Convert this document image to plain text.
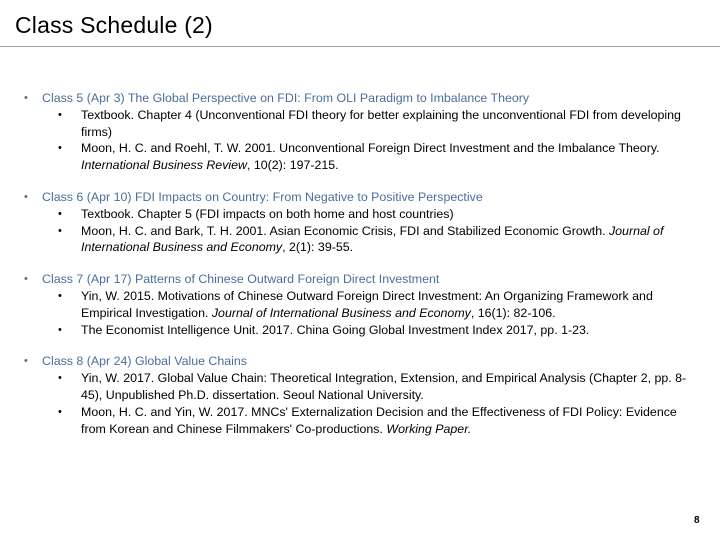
Class Schedule (2)
• Class 5 (Apr 3) The Global Perspective on FDI: From OLI Paradigm to Imbalance Theory
• Textbook. Chapter 4 (Unconventional FDI theory for better explaining the unconventional FDI from developing firms)
• Moon, H. C. and Roehl, T. W. 2001. Unconventional Foreign Direct Investment and the Imbalance Theory. International Business Review, 10(2): 197-215.
• Class 6 (Apr 10) FDI Impacts on Country: From Negative to Positive Perspective
• Textbook. Chapter 5 (FDI impacts on both home and host countries)
• Moon, H. C. and Bark, T. H. 2001. Asian Economic Crisis, FDI and Stabilized Economic Growth. Journal of International Business and Economy, 2(1): 39-55.
• Class 7 (Apr 17) Patterns of Chinese Outward Foreign Direct Investment
• Yin, W. 2015. Motivations of Chinese Outward Foreign Direct Investment: An Organizing Framework and Empirical Investigation. Journal of International Business and Economy, 16(1): 82-106.
• The Economist Intelligence Unit. 2017. China Going Global Investment Index 2017, pp. 1-23.
• Class 8 (Apr 24) Global Value Chains
• Yin, W. 2017. Global Value Chain: Theoretical Integration, Extension, and Empirical Analysis (Chapter 2, pp. 8-45), Unpublished Ph.D. dissertation. Seoul National University.
• Moon, H. C. and Yin, W. 2017. MNCs' Externalization Decision and the Effectiveness of FDI Policy: Evidence from Korean and Chinese Filmmakers' Co-productions. Working Paper.
8
